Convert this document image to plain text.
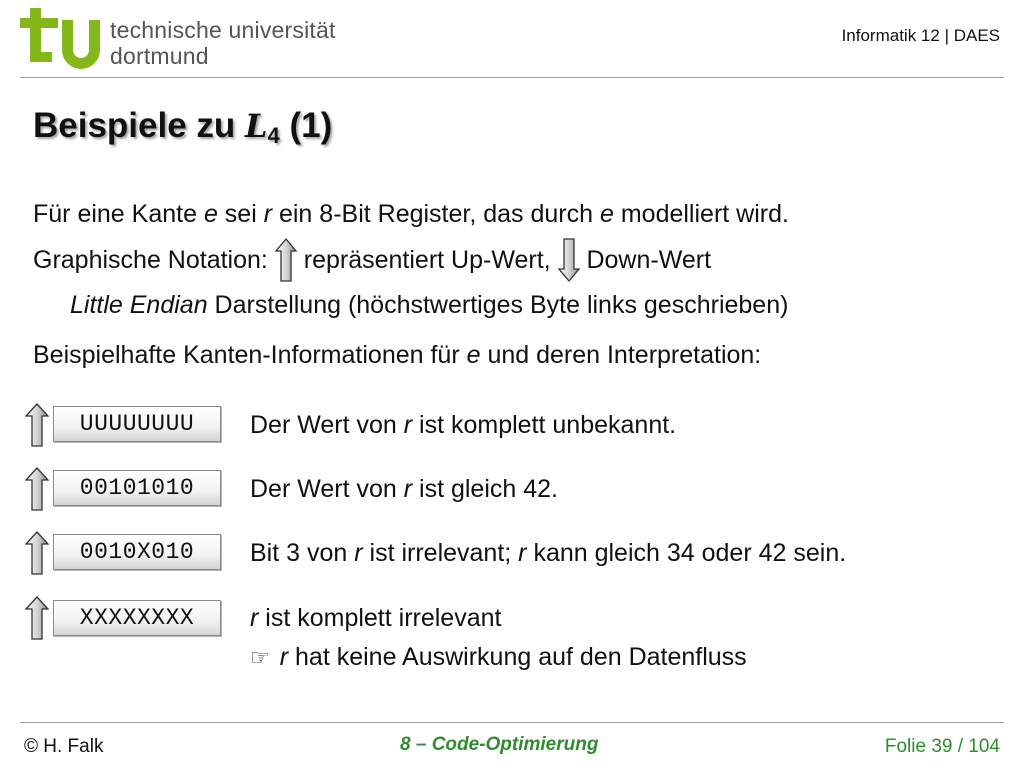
technische universität
dortmund
Informatik 12 | DAES
Beispiele zu $L_4$ (1)
Für eine Kante e sei r ein 8-Bit Register, das durch e modelliert wird.
Graphische Notation:  repräsentiert Up-Wert,  Down-Wert
Little Endian Darstellung (höchstwertiges Byte links geschrieben)
Beispielhafte Kanten-Informationen für e und deren Interpretation:
UUUUUUUU	Der Wert von r ist komplett unbekannt.
00101010	Der Wert von r ist gleich 42.
0010X010	Bit 3 von r ist irrelevant; r kann gleich 34 oder 42 sein.
XXXXXXXX	r ist komplett irrelevant
☞ r hat keine Auswirkung auf den Datenfluss
© H. Falk	8 – Code-Optimierung	Folie 39 / 104
